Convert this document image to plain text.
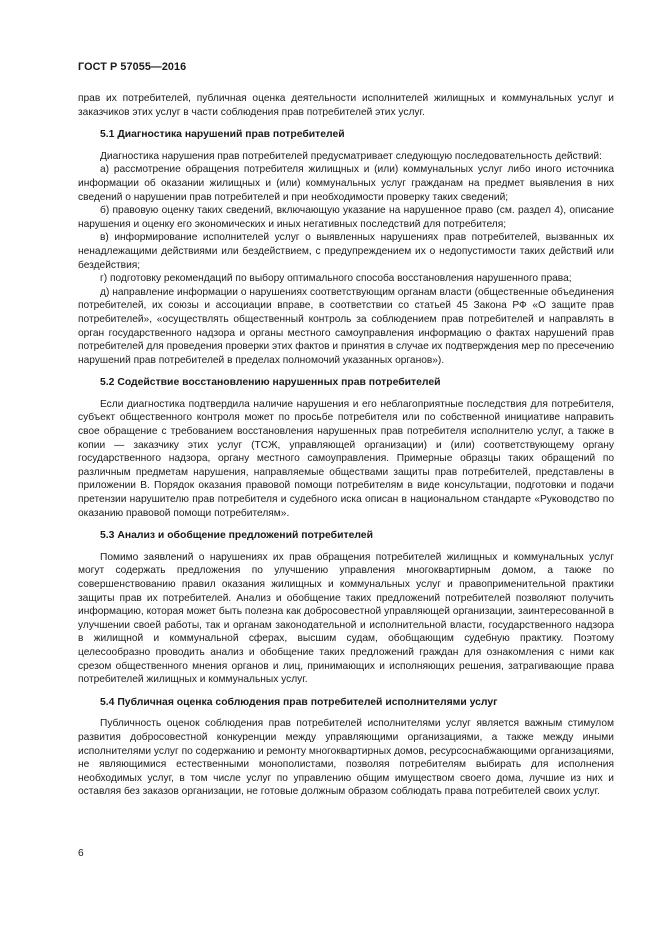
ГОСТ Р 57055—2016

прав их потребителей, публичная оценка деятельности исполнителей жилищных и коммунальных услуг и заказчиков этих услуг в части соблюдения прав потребителей этих услуг.

5.1 Диагностика нарушений прав потребителей

Диагностика нарушения прав потребителей предусматривает следующую последовательность действий:

а) рассмотрение обращения потребителя жилищных и (или) коммунальных услуг либо иного источника информации об оказании жилищных и (или) коммунальных услуг гражданам на предмет выявления в них сведений о нарушении прав потребителей и при необходимости проверку таких сведений;

б) правовую оценку таких сведений, включающую указание на нарушенное право (см. раздел 4), описание нарушения и оценку его экономических и иных негативных последствий для потребителя;

в) информирование исполнителей услуг о выявленных нарушениях прав потребителей, вызванных их ненадлежащими действиями или бездействием, с предупреждением их о недопустимости таких действий или бездействия;

г) подготовку рекомендаций по выбору оптимального способа восстановления нарушенного права;

д) направление информации о нарушениях соответствующим органам власти (общественные объединения потребителей, их союзы и ассоциации вправе, в соответствии со статьей 45 Закона РФ «О защите прав потребителей», «осуществлять общественный контроль за соблюдением прав потребителей и направлять в орган государственного надзора и органы местного самоуправления информацию о фактах нарушений прав потребителей для проведения проверки этих фактов и принятия в случае их подтверждения мер по пресечению нарушений прав потребителей в пределах полномочий указанных органов»).

5.2 Содействие восстановлению нарушенных прав потребителей

Если диагностика подтвердила наличие нарушения и его неблагоприятные последствия для потребителя, субъект общественного контроля может по просьбе потребителя или по собственной инициативе направить свое обращение с требованием восстановления нарушенных прав потребителя исполнителю услуг, а также в копии — заказчику этих услуг (ТСЖ, управляющей организации) и (или) соответствующему органу государственного надзора, органу местного самоуправления. Примерные образцы таких обращений по различным предметам нарушения, направляемые обществами защиты прав потребителей, представлены в приложении В. Порядок оказания правовой помощи потребителям в виде консультации, подготовки и подачи претензии нарушителю прав потребителя и судебного иска описан в национальном стандарте «Руководство по оказанию правовой помощи потребителям».

5.3 Анализ и обобщение предложений потребителей

Помимо заявлений о нарушениях их прав обращения потребителей жилищных и коммунальных услуг могут содержать предложения по улучшению управления многоквартирным домом, а также по совершенствованию правил оказания жилищных и коммунальных услуг и правоприменительной практики защиты прав их потребителей. Анализ и обобщение таких предложений потребителей позволяют получить информацию, которая может быть полезна как добросовестной управляющей организации, заинтересованной в улучшении своей работы, так и органам законодательной и исполнительной власти, государственного надзора в жилищной и коммунальной сферах, высшим судам, обобщающим судебную практику. Поэтому целесообразно проводить анализ и обобщение таких предложений граждан для ознакомления с ними как срезом общественного мнения органов и лиц, принимающих и исполняющих решения, затрагивающие права потребителей жилищных и коммунальных услуг.

5.4 Публичная оценка соблюдения прав потребителей исполнителями услуг

Публичность оценок соблюдения прав потребителей исполнителями услуг является важным стимулом развития добросовестной конкуренции между управляющими организациями, а также между иными исполнителями услуг по содержанию и ремонту многоквартирных домов, ресурсоснабжающими организациями, не являющимися естественными монополистами, позволяя потребителям выбирать для исполнения необходимых услуг, в том числе услуг по управлению общим имуществом своего дома, лучшие из них и оставляя без заказов организации, не готовые должным образом соблюдать права потребителей своих услуг.

6
